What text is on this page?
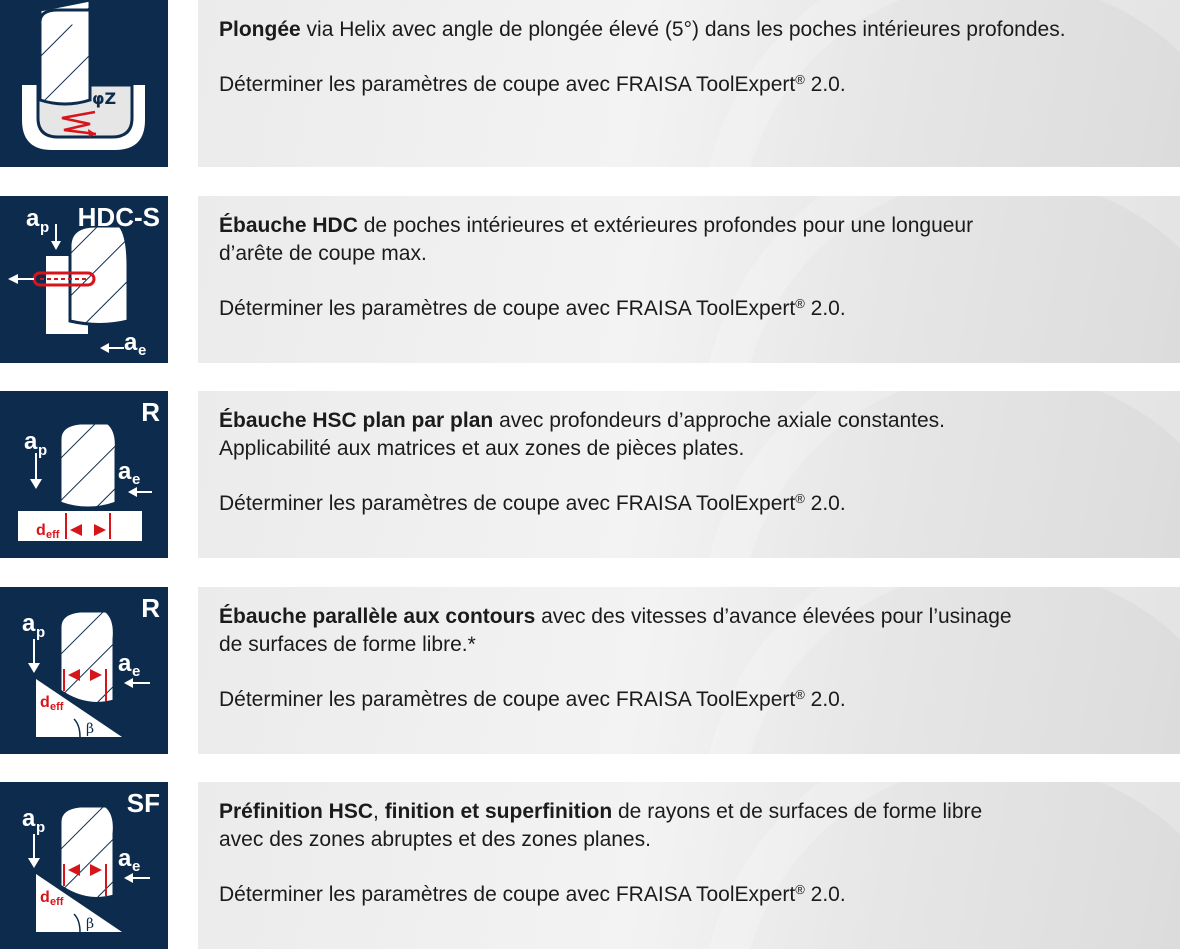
φZ

Plongée via Helix avec angle de plongée élevé (5°) dans les poches intérieures profondes.

Déterminer les paramètres de coupe avec FRAISA ToolExpert® 2.0.

a p
a e
HDC-S	Ébauche HDC de poches intérieures et extérieures profondes pour une longueur
d’arête de coupe max.

Déterminer les paramètres de coupe avec FRAISA ToolExpert® 2.0.

a p
a e
d eff
R	Ébauche HSC plan par plan avec profondeurs d’approche axiale constantes.
Applicabilité aux matrices et aux zones de pièces plates.

Déterminer les paramètres de coupe avec FRAISA ToolExpert® 2.0.

a p
a e
d eff
β
R	Ébauche parallèle aux contours avec des vitesses d’avance élevées pour l’usinage
de surfaces de forme libre.*

Déterminer les paramètres de coupe avec FRAISA ToolExpert® 2.0.

a p
a e
d eff
β
SF	Préfinition HSC, finition et superfinition de rayons et de surfaces de forme libre
avec des zones abruptes et des zones planes.

Déterminer les paramètres de coupe avec FRAISA ToolExpert® 2.0.
